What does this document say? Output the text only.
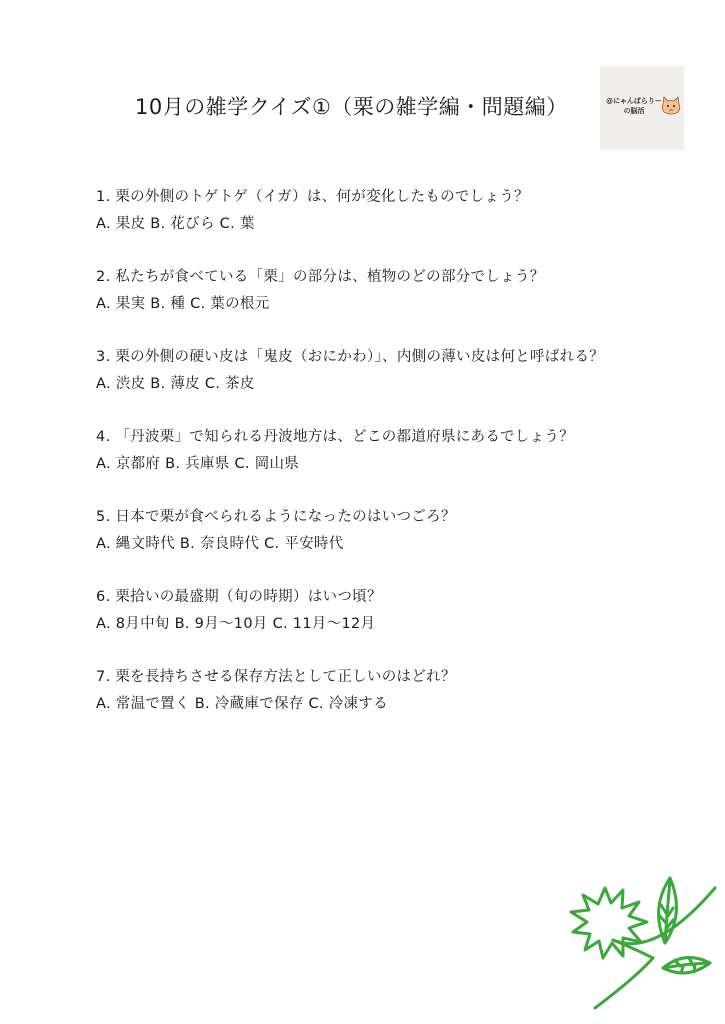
10月の雑学クイズ①（栗の雑学編・問題編）	@にゃんぱらりー
の脳活
1. 栗の外側のトゲトゲ（イガ）は、何が変化したものでしょう？
A. 果皮 B. 花びら C. 葉
2. 私たちが食べている「栗」の部分は、植物のどの部分でしょう？
A. 果実 B. 種 C. 葉の根元
3. 栗の外側の硬い皮は「鬼皮（おにかわ）」、内側の薄い皮は何と呼ばれる？
A. 渋皮 B. 薄皮 C. 茶皮
4. 「丹波栗」で知られる丹波地方は、どこの都道府県にあるでしょう？
A. 京都府 B. 兵庫県 C. 岡山県
5. 日本で栗が食べられるようになったのはいつごろ？
A. 縄文時代 B. 奈良時代 C. 平安時代
6. 栗拾いの最盛期（旬の時期）はいつ頃？
A. 8月中旬 B. 9月〜10月 C. 11月〜12月
7. 栗を長持ちさせる保存方法として正しいのはどれ？
A. 常温で置く B. 冷蔵庫で保存 C. 冷凍する
